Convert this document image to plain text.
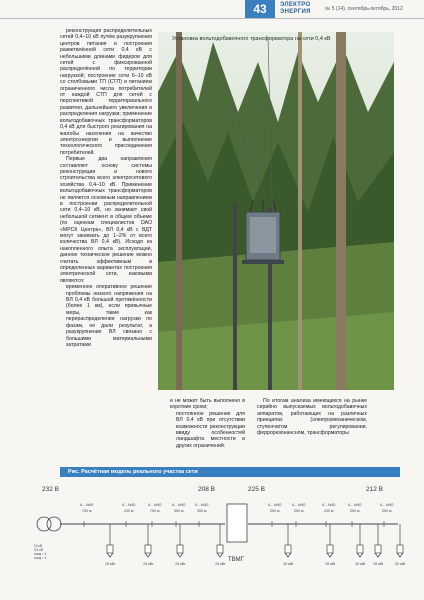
43	ЭЛЕКТРО
ЭНЕРГИЯ	№ 5 (14), сентябрь-октябрь, 2012

реконструкция распределительных сетей 0,4–10 кВ путём разукрупнения центров питания и построения разветвлённой сети 0,4 кВ с небольшими длинами фидеров для сетей с фиксированной распределённой по территории нагрузкой; построение сети 6–10 кВ со столбовыми ТП (СТП) и питанием ограниченного числа потребителей от каждой СТП для сетей с перспективой территориального развития, дальнейшего увеличения и распределения нагрузки; применение вольтодобавочных трансформаторов 0,4 кВ для быстрого реагирования на жалобы населения на качество электроэнергии и выполнение технологического присоединения потребителей.

Первые два направления составляют основу системы реконструкции и нового строительства всего электросетевого хозяйства 0,4–10 кВ. Применение вольтодобавочных трансформаторов не является основным направлением в построении распределительной сети 0,4–10 кВ, но занимает свой небольшой сегмент в общем объеме (по оценкам специалистов ОАО «МРСК Центра», ВЛ 0,4 кВ с ВДТ могут занимать до 1–2% от всего количества ВЛ 0,4 кВ). Исходя из накопленного опыта эксплуатации, данное техническое решение можно считать эффективным в определенных вариантах построения электрической сети, каковыми являются:

временное оперативное решение проблемы низкого напряжения на ВЛ 0,4 кВ большой протяжённости (более 1 км), если привычные меры, такие как перераспределение нагрузки по фазам, не дали результат, а разукрупнение ВЛ связано с большими материальными затратами

Установка вольтодобавочного трансформатора на сети 0,4 кВ

и не может быть выполнено в короткие сроки;

постоянное решение для ВЛ 0,4 кВ при отсутствии возможности реконструкции ввиду особенностей ландшафта местности и других ограничений.

По итогам анализа имеющихся на рынке серийно выпускаемых вольтодобавочных аппаратов, работающих на различных принципах (электромеханическом, ступенчатом регулировании, феррорезонансном, трансформаторы

Рис. Расчётная модель реального участка сети
232 В	208 В	225 В	212 В
10 кВ
0,4 кВ
cosφ = 1
cosφ = 1	ТВМГ
А - 4х50
700 м
А - 4х50
200 м
А - 4х50
700 м
А - 4х50
300 м
А - 4х50
300 м
А - 4х50
200 м
А - 4х50
200 м
А - 4х50
200 м
А - 4х50
200 м
А - 4х50
200 м
15 кВт	15 кВт	15 кВт	15 кВт	15 кВт	15 кВт	15 кВт 15 кВт	20 кВт
